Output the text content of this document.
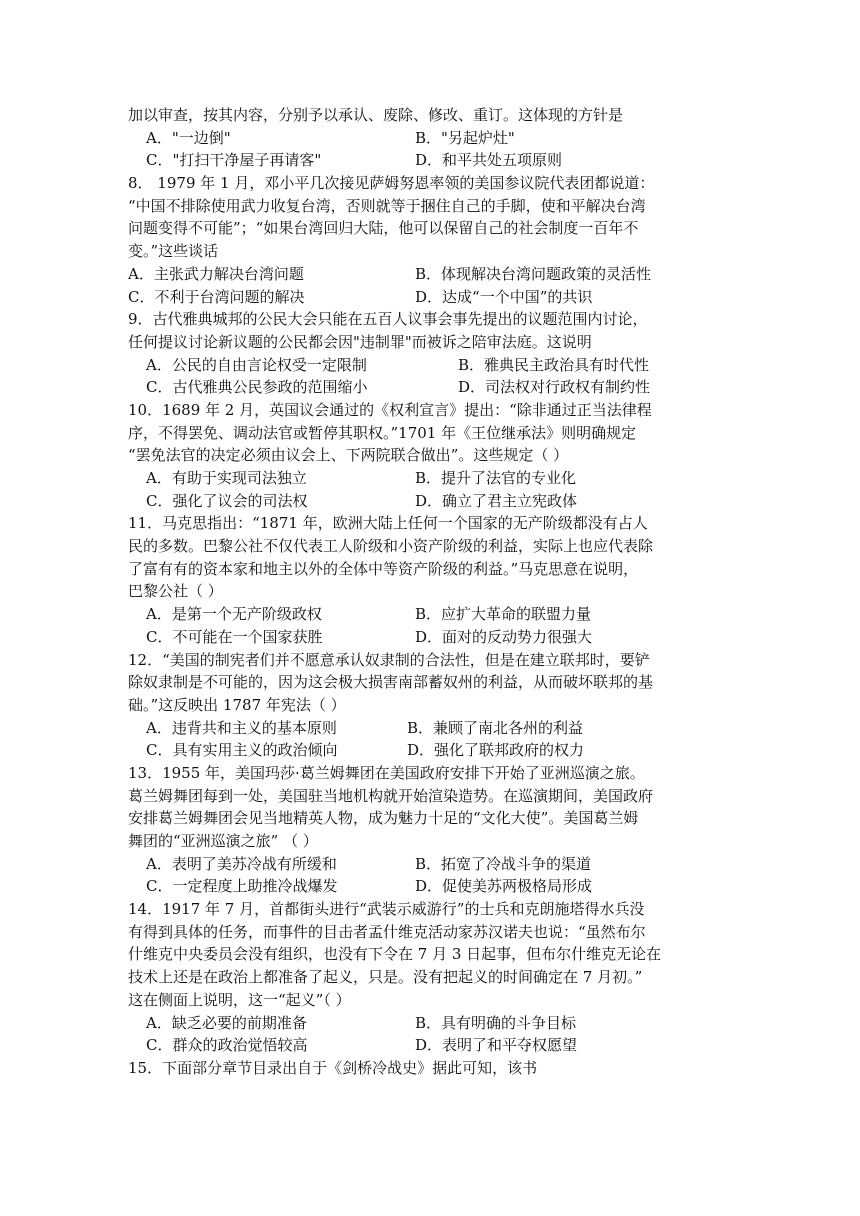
加以审查，按其内容，分别予以承认、废除、修改、重订。这体现的方针是
A．"一边倒"	B．"另起炉灶"
C．"打扫干净屋子再请客"	D．和平共处五项原则
8． 1979 年 1 月，邓小平几次接见萨姆努恩率领的美国参议院代表团都说道：
“中国不排除使用武力收复台湾，否则就等于捆住自己的手脚，使和平解决台湾
问题变得不可能”；“如果台湾回归大陆，他可以保留自己的社会制度一百年不
变。”这些谈话
A．主张武力解决台湾问题	B．体现解决台湾问题政策的灵活性
C．不利于台湾问题的解决	D．达成“一个中国”的共识
9．古代雅典城邦的公民大会只能在五百人议事会事先提出的议题范围内讨论，
任何提议讨论新议题的公民都会因"违制罪"而被诉之陪审法庭。这说明
A．公民的自由言论权受一定限制	B．雅典民主政治具有时代性
C．古代雅典公民参政的范围缩小	D．司法权对行政权有制约性
10．1689 年 2 月，英国议会通过的《权利宣言》提出：“除非通过正当法律程
序，不得罢免、调动法官或暂停其职权。”1701 年《王位继承法》则明确规定
“罢免法官的决定必须由议会上、下两院联合做出”。这些规定（ ）
A．有助于实现司法独立	B．提升了法官的专业化
C．强化了议会的司法权	D．确立了君主立宪政体
11．马克思指出：“1871 年，欧洲大陆上任何一个国家的无产阶级都没有占人
民的多数。巴黎公社不仅代表工人阶级和小资产阶级的利益，实际上也应代表除
了富有有的资本家和地主以外的全体中等资产阶级的利益。”马克思意在说明，
巴黎公社（ ）
A．是第一个无产阶级政权	B．应扩大革命的联盟力量
C．不可能在一个国家获胜	D．面对的反动势力很强大
12．“美国的制宪者们并不愿意承认奴隶制的合法性，但是在建立联邦时，要铲
除奴隶制是不可能的，因为这会极大损害南部蓄奴州的利益，从而破坏联邦的基
础。”这反映出 1787 年宪法（ ）
A．违背共和主义的基本原则	B．兼顾了南北各州的利益
C．具有实用主义的政治倾向	D．强化了联邦政府的权力
13．1955 年，美国玛莎·葛兰姆舞团在美国政府安排下开始了亚洲巡演之旅。
葛兰姆舞团每到一处，美国驻当地机构就开始渲染造势。在巡演期间，美国政府
安排葛兰姆舞团会见当地精英人物，成为魅力十足的“文化大使”。美国葛兰姆
舞团的“亚洲巡演之旅” （ ）
A．表明了美苏冷战有所缓和	B．拓宽了冷战斗争的渠道
C．一定程度上助推冷战爆发	D．促使美苏两极格局形成
14．1917 年 7 月，首都街头进行“武装示威游行”的士兵和克朗施塔得水兵没
有得到具体的任务，而事件的目击者孟什维克活动家苏汉诺夫也说：“虽然布尔
什维克中央委员会没有组织，也没有下令在 7 月 3 日起事，但布尔什维克无论在
技术上还是在政治上都准备了起义，只是。没有把起义的时间确定在 7 月初。”
这在侧面上说明，这一“起义”（ ）
A．缺乏必要的前期准备	B．具有明确的斗争目标
C．群众的政治觉悟较高	D．表明了和平夺权愿望
15．下面部分章节目录出自于《剑桥冷战史》据此可知，该书
